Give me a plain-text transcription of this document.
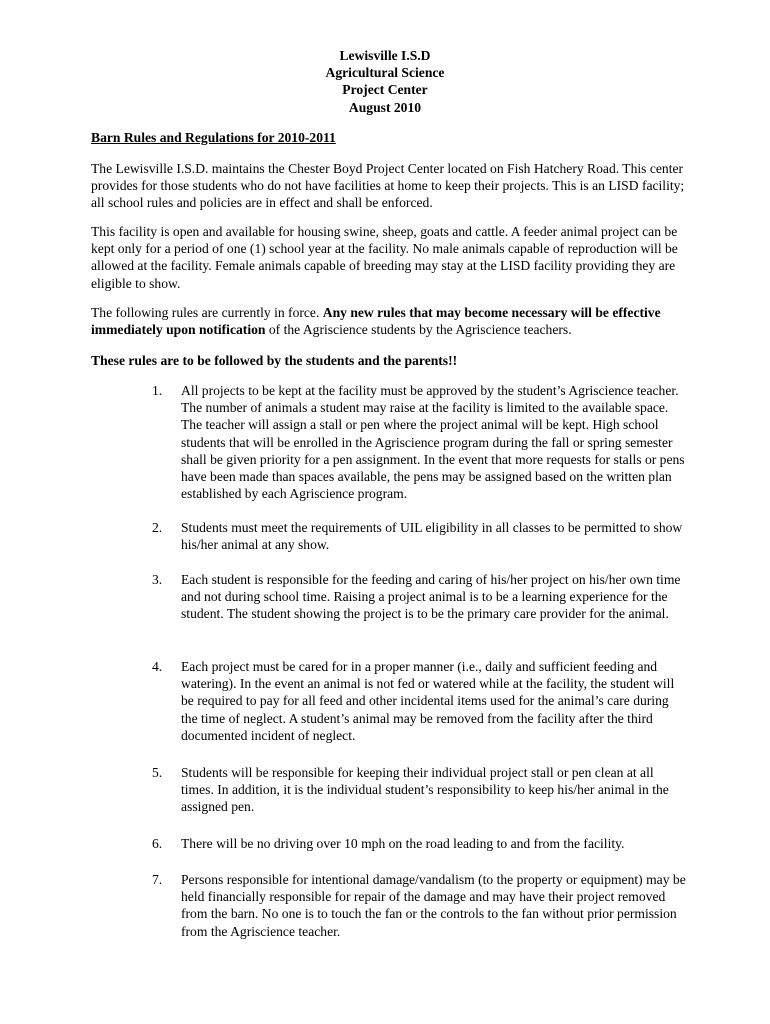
Lewisville I.S.D
Agricultural Science
Project Center
August 2010
Barn Rules and Regulations for 2010-2011
The Lewisville I.S.D. maintains the Chester Boyd Project Center located on Fish Hatchery Road. This center provides for those students who do not have facilities at home to keep their projects. This is an LISD facility; all school rules and policies are in effect and shall be enforced.
This facility is open and available for housing swine, sheep, goats and cattle. A feeder animal project can be kept only for a period of one (1) school year at the facility. No male animals capable of reproduction will be allowed at the facility. Female animals capable of breeding may stay at the LISD facility providing they are eligible to show.
The following rules are currently in force. Any new rules that may become necessary will be effective immediately upon notification of the Agriscience students by the Agriscience teachers.
These rules are to be followed by the students and the parents!!
1.	All projects to be kept at the facility must be approved by the student’s Agriscience teacher. The number of animals a student may raise at the facility is limited to the available space. The teacher will assign a stall or pen where the project animal will be kept. High school students that will be enrolled in the Agriscience program during the fall or spring semester shall be given priority for a pen assignment. In the event that more requests for stalls or pens have been made than spaces available, the pens may be assigned based on the written plan established by each Agriscience program.
2.	Students must meet the requirements of UIL eligibility in all classes to be permitted to show his/her animal at any show.
3.	Each student is responsible for the feeding and caring of his/her project on his/her own time and not during school time. Raising a project animal is to be a learning experience for the student. The student showing the project is to be the primary care provider for the animal.
4.	Each project must be cared for in a proper manner (i.e., daily and sufficient feeding and watering). In the event an animal is not fed or watered while at the facility, the student will be required to pay for all feed and other incidental items used for the animal’s care during the time of neglect. A student’s animal may be removed from the facility after the third documented incident of neglect.
5.	Students will be responsible for keeping their individual project stall or pen clean at all times. In addition, it is the individual student’s responsibility to keep his/her animal in the assigned pen.
6.	There will be no driving over 10 mph on the road leading to and from the facility.
7.	Persons responsible for intentional damage/vandalism (to the property or equipment) may be held financially responsible for repair of the damage and may have their project removed from the barn. No one is to touch the fan or the controls to the fan without prior permission from the Agriscience teacher.
